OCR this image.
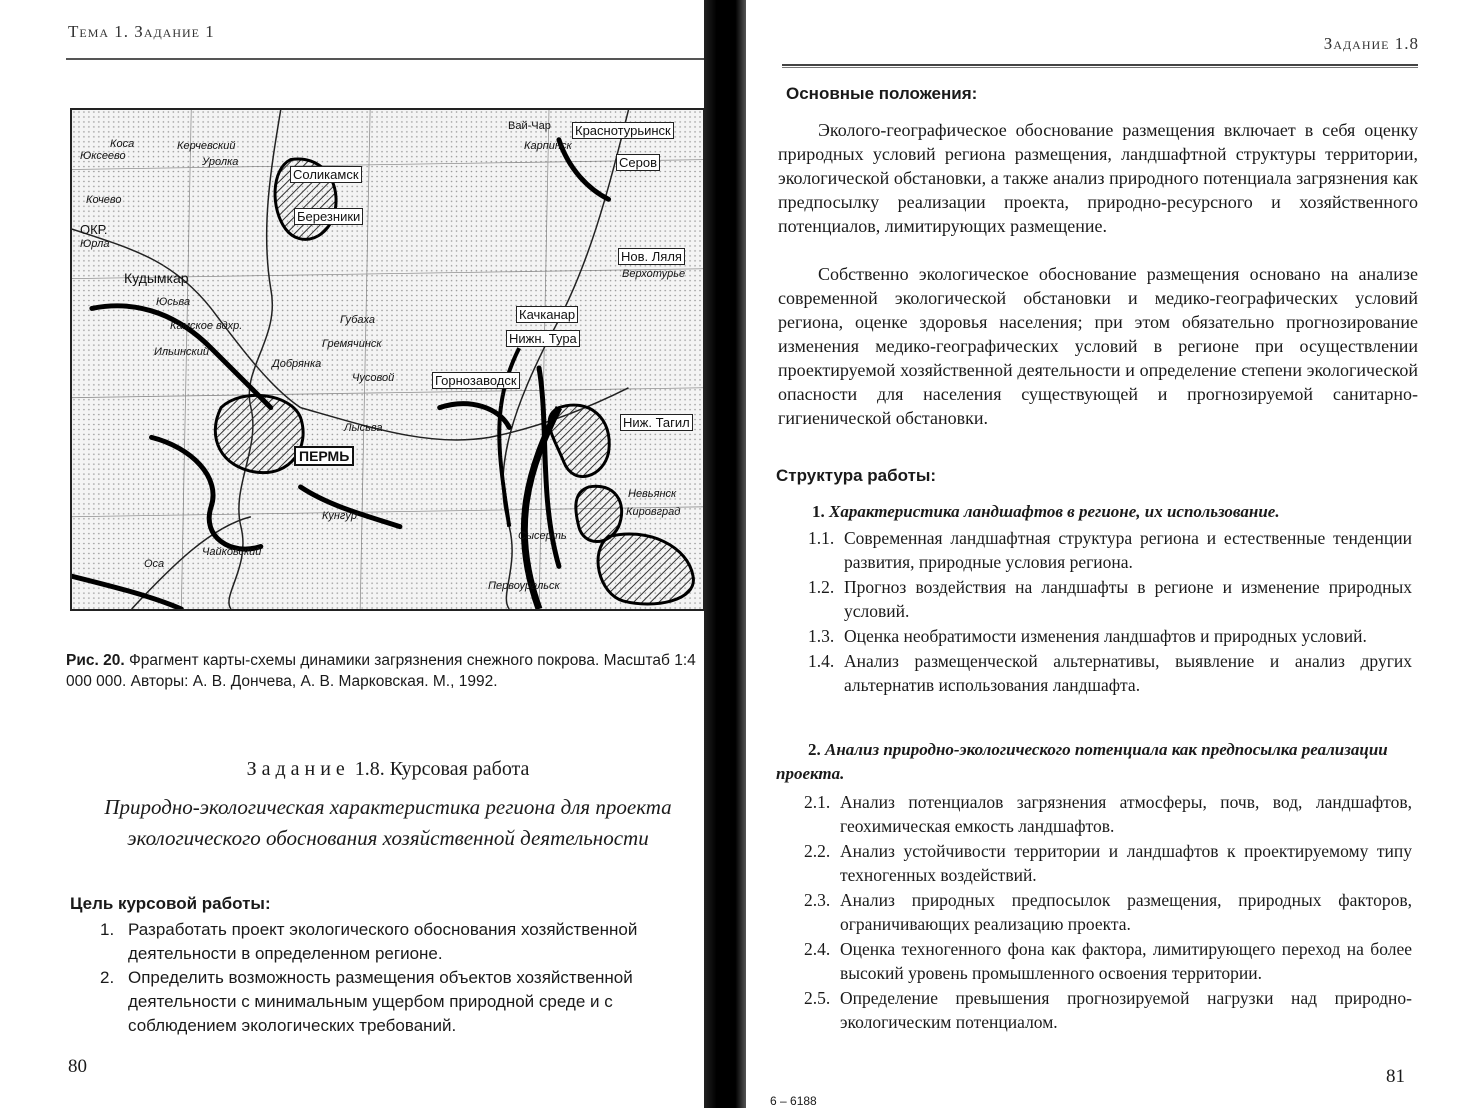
Тема 1. Задание 1
Коса
Юксеево
Керчевский
Уролка
Соликамск
Березники
Кочево
ОКР.
Юрла
Кудымкар
Юсьва
Камское вдхр.
Ильинский
Добрянка
Губаха
Гремячинск
Чусовой	Горнозаводск
Лысьва
ПЕРМЬ
Кунгур
Оса
Чайковский
Первоуральск
Вай-Чар Краснотурьинск
Серов
Карпинск
Нов. Ляля
Верхотурье
Качканар
Нижн. Тура
Ниж. Тагил
Невьянск
Кировград
Сысерть
Рис. 20. Фрагмент карты-схемы динамики загрязнения снежного покрова. Масштаб 1:4 000 000. Авторы: А. В. Дончева, А. В. Марковская. М., 1992.
Задание 1.8. Курсовая работа
Природно-экологическая характеристика региона для проекта экологического обоснования хозяйственной деятельности
Цель курсовой работы:
1. Разработать проект экологического обоснования хозяйственной деятельности в определенном регионе.
2. Определить возможность размещения объектов хозяйственной деятельности с минимальным ущербом природной среде и с соблюдением экологических требований.
80
Задание 1.8
Основные положения:
Эколого-географическое обоснование размещения включает в себя оценку природных условий региона размещения, ландшафтной структуры территории, экологической обстановки, а также анализ природного потенциала загрязнения как предпосылку реализации проекта, природно-ресурсного и хозяйственного потенциалов, лимитирующих размещение.
Собственно экологическое обоснование размещения основано на анализе современной экологической обстановки и медико-географических условий региона, оценке здоровья населения; при этом обязательно прогнозирование изменения медико-географических условий в регионе при осуществлении проектируемой хозяйственной деятельности и определение степени экологической опасности для населения существующей и прогнозируемой санитарно-гигиенической обстановки.
Структура работы:
1. Характеристика ландшафтов в регионе, их использование.
1.1. Современная ландшафтная структура региона и естественные тенденции развития, природные условия региона.
1.2. Прогноз воздействия на ландшафты в регионе и изменение природных условий.
1.3. Оценка необратимости изменения ландшафтов и природных условий.
1.4. Анализ размещенческой альтернативы, выявление и анализ других альтернатив использования ландшафта.
2. Анализ природно-экологического потенциала как предпосылка реализации проекта.
2.1. Анализ потенциалов загрязнения атмосферы, почв, вод, ландшафтов, геохимическая емкость ландшафтов.
2.2. Анализ устойчивости территории и ландшафтов к проектируемому типу техногенных воздействий.
2.3. Анализ природных предпосылок размещения, природных факторов, ограничивающих реализацию проекта.
2.4. Оценка техногенного фона как фактора, лимитирующего переход на более высокий уровень промышленного освоения территории.
2.5. Определение превышения прогнозируемой нагрузки над природно-экологическим потенциалом.
81
6 – 6188
